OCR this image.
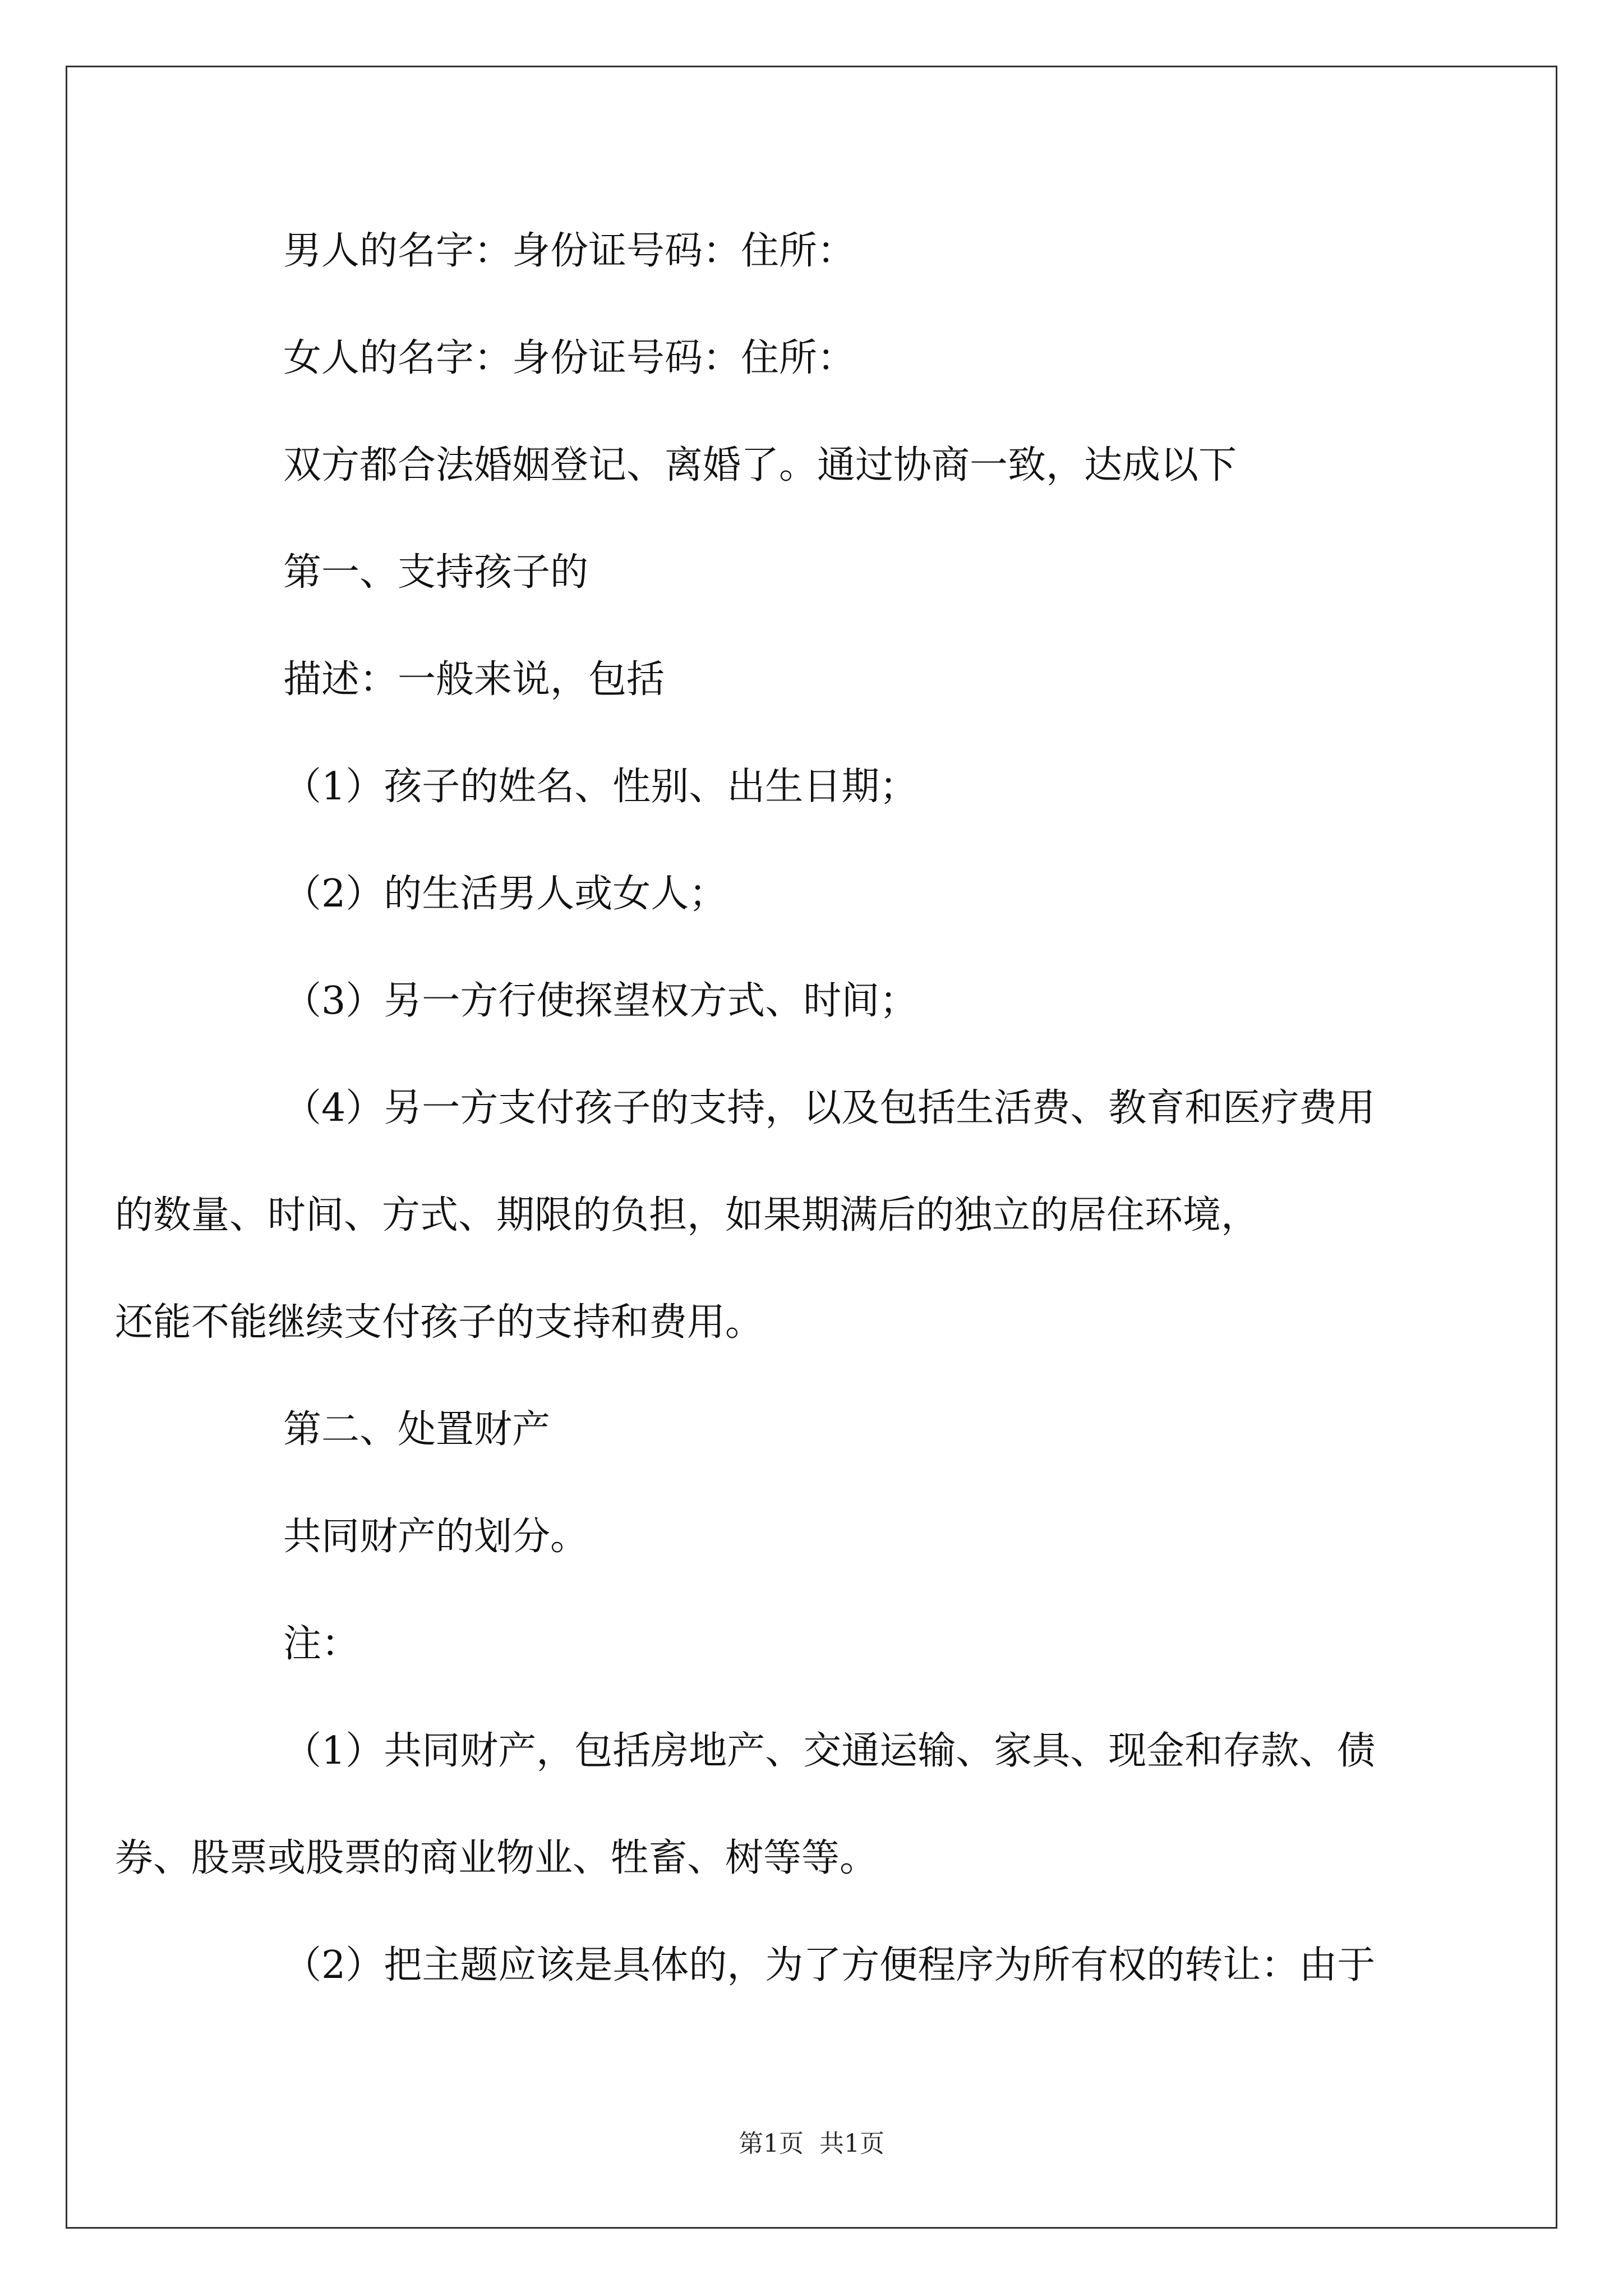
男人的名字：身份证号码：住所：
女人的名字：身份证号码：住所：
双方都合法婚姻登记、离婚了。通过协商一致，达成以下
第一、支持孩子的
描述：一般来说，包括
（1）孩子的姓名、性别、出生日期；
（2）的生活男人或女人；
（3）另一方行使探望权方式、时间；
（4）另一方支付孩子的支持，以及包括生活费、教育和医疗费用
的数量、时间、方式、期限的负担，如果期满后的独立的居住环境，
还能不能继续支付孩子的支持和费用。
第二、处置财产
共同财产的划分。
注：
（1）共同财产，包括房地产、交通运输、家具、现金和存款、债
券、股票或股票的商业物业、牲畜、树等等。
（2）把主题应该是具体的，为了方便程序为所有权的转让：由于
第1页 共1页
